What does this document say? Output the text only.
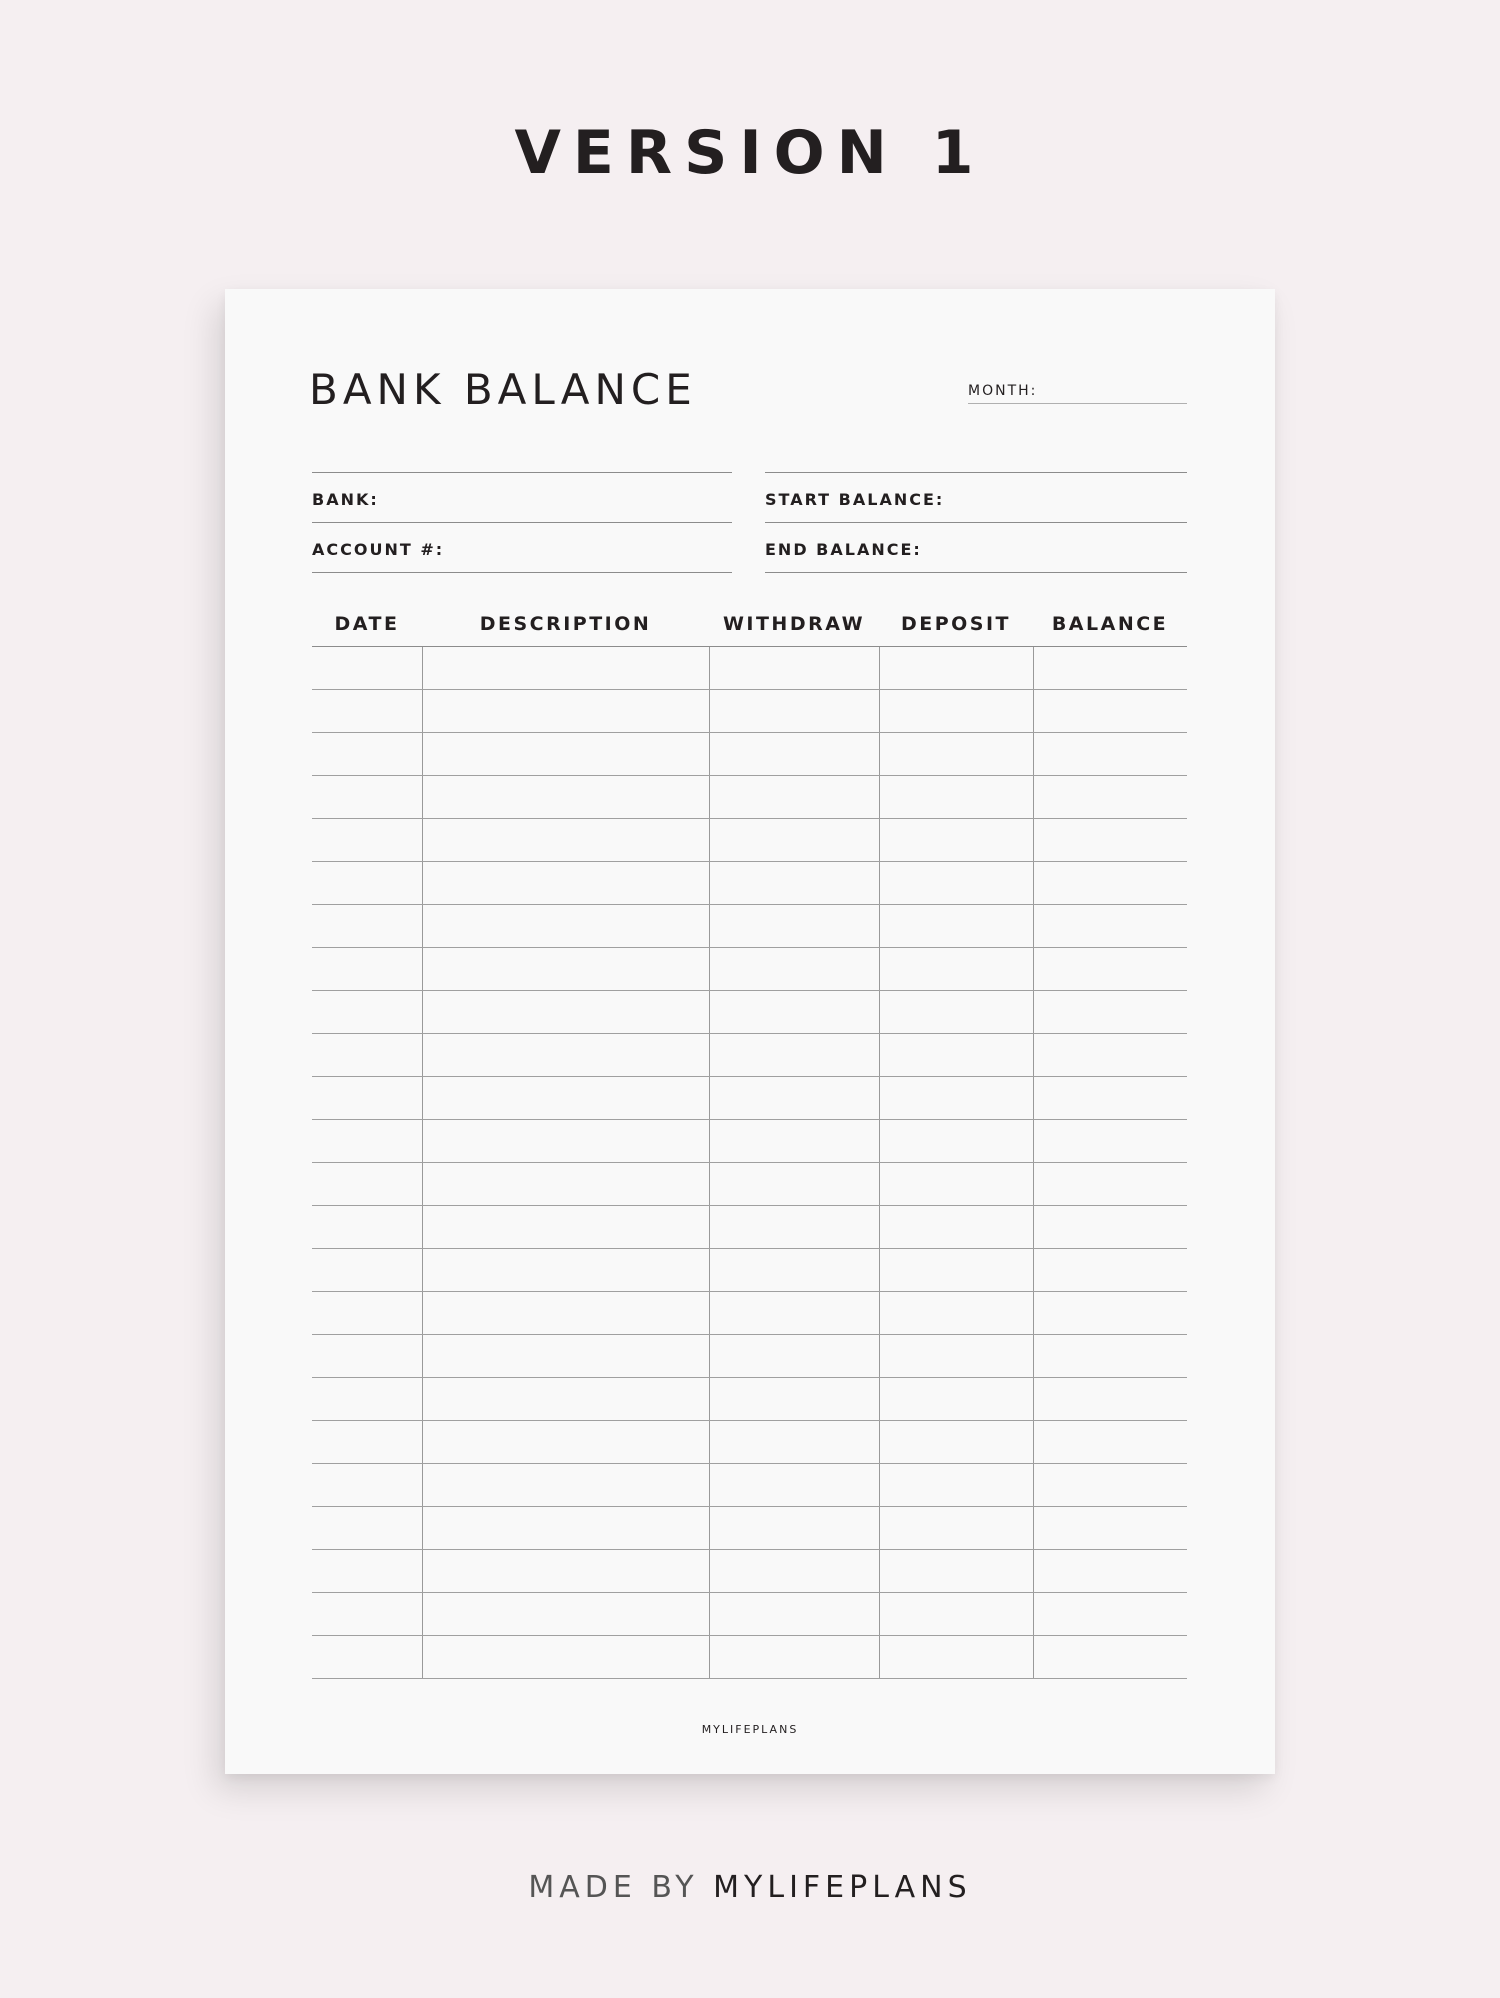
VERSION 1
BANK BALANCE	MONTH:
BANK:
ACCOUNT #:
START BALANCE:
END BALANCE:
DATE	DESCRIPTION	WITHDRAW	DEPOSIT	BALANCE
MYLIFEPLANS
MADE BY MYLIFEPLANS
